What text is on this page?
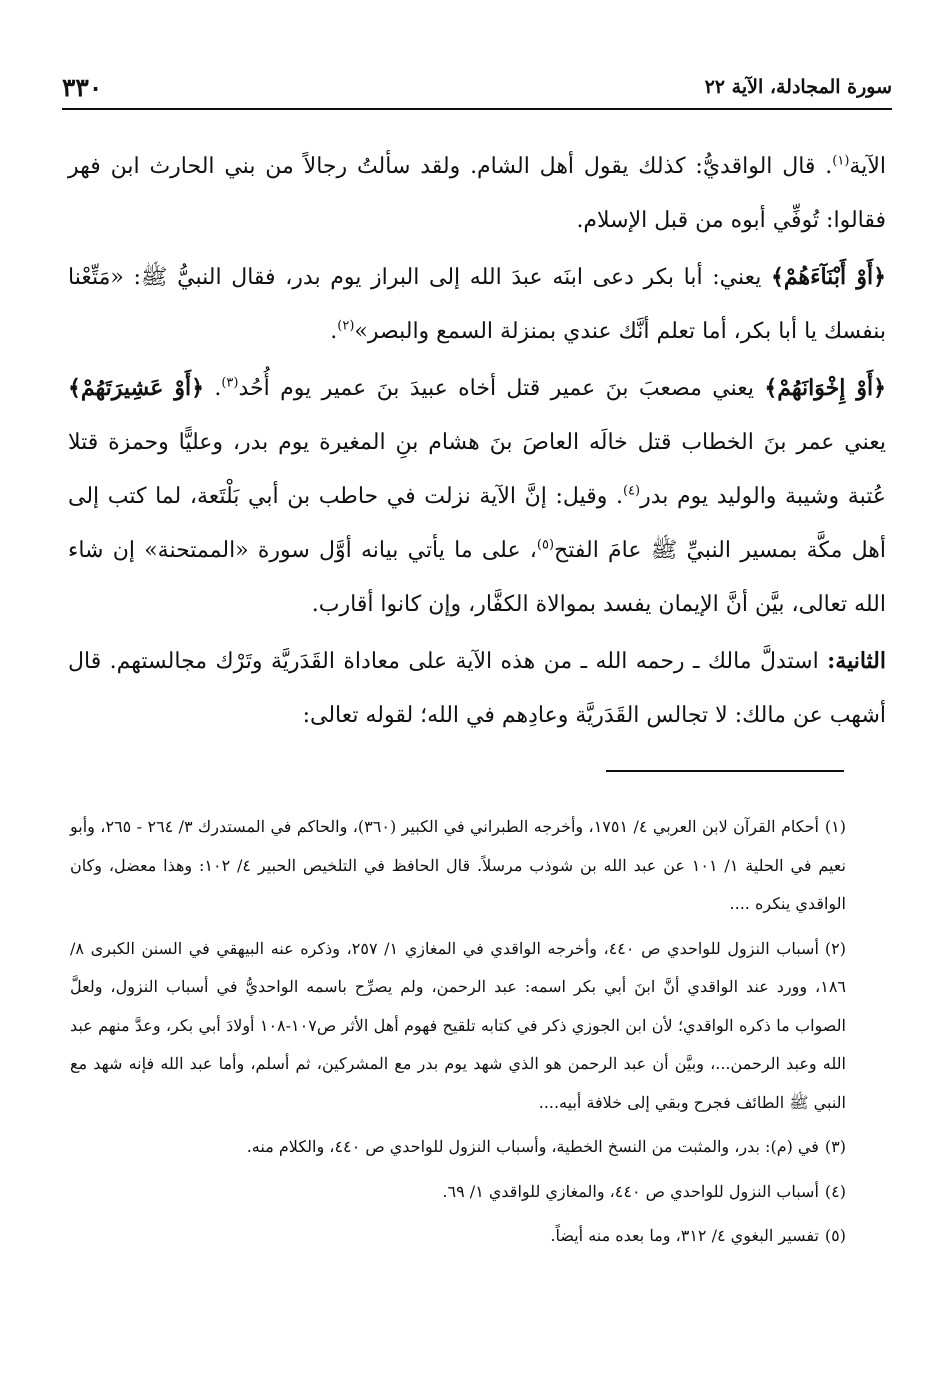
سورة المجادلة، الآية ٢٢
٣٣٠

الآية$^{(١)}$. قال الواقديُّ: كذلك يقول أهل الشام. ولقد سألتُ رجالاً من بني الحارث ابن فهر فقالوا: تُوفِّي أبوه من قبل الإسلام.

﴿أَوْ أَبْنَآءَهُمْ﴾ يعني: أبا بكر دعى ابنَه عبدَ الله إلى البراز يوم بدر، فقال النبيُّ ﷺ: «مَتِّعْنا بنفسك يا أبا بكر، أما تعلم أنَّك عندي بمنزلة السمع والبصر»$^{(٢)}$.

﴿أَوْ إِخْوَانَهُمْ﴾ يعني مصعبَ بنَ عمير قتل أخاه عبيدَ بنَ عمير يوم أُحُد$^{(٣)}$. ﴿أَوْ عَشِيرَتَهُمْ﴾ يعني عمر بنَ الخطاب قتل خالَه العاصَ بنَ هشام بنِ المغيرة يوم بدر، وعليًّا وحمزة قتلا عُتبة وشيبة والوليد يوم بدر$^{(٤)}$. وقيل: إنَّ الآية نزلت في حاطب بن أبي بَلْتَعة، لما كتب إلى أهل مكَّة بمسير النبيِّ ﷺ عامَ الفتح$^{(٥)}$، على ما يأتي بيانه أوَّل سورة «الممتحنة» إن شاء الله تعالى، بيَّن أنَّ الإيمان يفسد بموالاة الكفَّار، وإن كانوا أقارب.

الثانية: استدلَّ مالك ـ رحمه الله ـ من هذه الآية على معاداة القَدَريَّة وتَرْك مجالستهم. قال أشهب عن مالك: لا تجالس القَدَريَّة وعادِهم في الله؛ لقوله تعالى:

(١)أحكام القرآن لابن العربي ٤/ ١٧٥١، وأخرجه الطبراني في الكبير (٣٦٠)، والحاكم في المستدرك ٣/ ٢٦٤ - ٢٦٥، وأبو نعيم في الحلية ١/ ١٠١ عن عبد الله بن شوذب مرسلاً. قال الحافظ في التلخيص الحبير ٤/ ١٠٢: وهذا معضل، وكان الواقدي ينكره ....

(٢)أسباب النزول للواحدي ص ٤٤٠، وأخرجه الواقدي في المغازي ١/ ٢٥٧، وذكره عنه البيهقي في السنن الكبرى ٨/ ١٨٦، وورد عند الواقدي أنَّ ابنَ أبي بكر اسمه: عبد الرحمن، ولم يصرِّح باسمه الواحديُّ في أسباب النزول، ولعلَّ الصواب ما ذكره الواقدي؛ لأن ابن الجوزي ذكر في كتابه تلقيح فهوم أهل الأثر ص١٠٧-١٠٨ أولادَ أبي بكر، وعدَّ منهم عبد الله وعبد الرحمن...، وبيَّن أن عبد الرحمن هو الذي شهد يوم بدر مع المشركين، ثم أسلم، وأما عبد الله فإنه شهد مع النبي ﷺ الطائف فجرح وبقي إلى خلافة أبيه....

(٣)في (م): بدر، والمثبت من النسخ الخطية، وأسباب النزول للواحدي ص ٤٤٠، والكلام منه.

(٤)أسباب النزول للواحدي ص ٤٤٠، والمغازي للواقدي ١/ ٦٩.

(٥)تفسير البغوي ٤/ ٣١٢، وما بعده منه أيضاً.
